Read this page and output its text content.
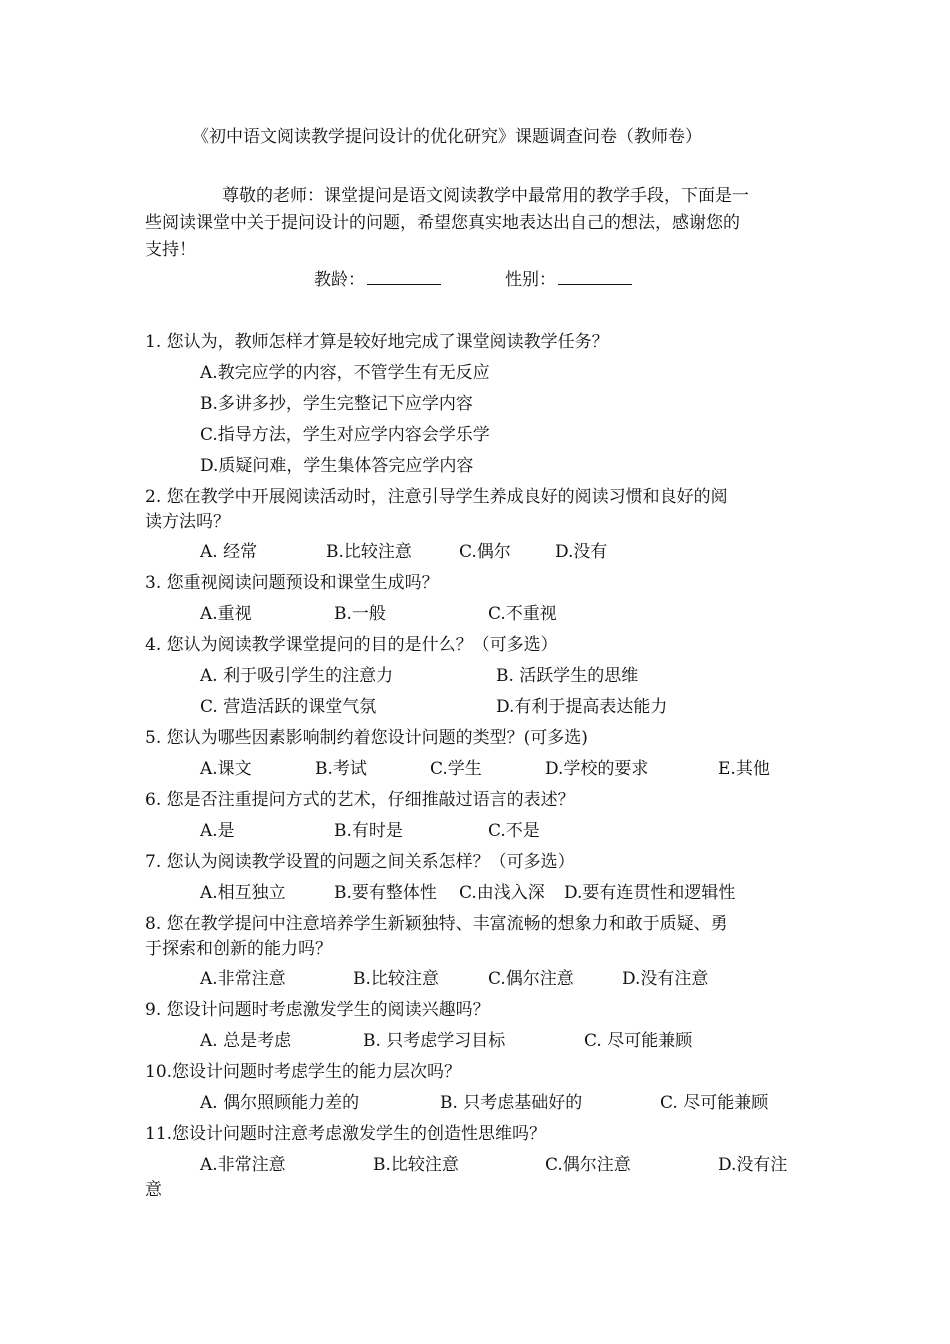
《初中语文阅读教学提问设计的优化研究》课题调查问卷（教师卷）
尊敬的老师：课堂提问是语文阅读教学中最常用的教学手段，下面是一
些阅读课堂中关于提问设计的问题，希望您真实地表达出自己的想法，感谢您的
支持！
教龄：	性别：
1. 您认为，教师怎样才算是较好地完成了课堂阅读教学任务？
A.教完应学的内容，不管学生有无反应
B.多讲多抄，学生完整记下应学内容
C.指导方法，学生对应学内容会学乐学
D.质疑问难，学生集体答完应学内容
2. 您在教学中开展阅读活动时，注意引导学生养成良好的阅读习惯和良好的阅
读方法吗？
A. 经常	B.比较注意	C.偶尔	D.没有
3. 您重视阅读问题预设和课堂生成吗？
A.重视	B.一般	C.不重视
4. 您认为阅读教学课堂提问的目的是什么？（可多选）
A. 利于吸引学生的注意力	B. 活跃学生的思维
C. 营造活跃的课堂气氛	D.有利于提高表达能力
5. 您认为哪些因素影响制约着您设计问题的类型？(可多选)
A.课文	B.考试	C.学生	D.学校的要求	E.其他
6. 您是否注重提问方式的艺术，仔细推敲过语言的表述？
A.是	B.有时是	C.不是
7. 您认为阅读教学设置的问题之间关系怎样？（可多选）
A.相互独立	B.要有整体性 C.由浅入深 D.要有连贯性和逻辑性
8. 您在教学提问中注意培养学生新颖独特、丰富流畅的想象力和敢于质疑、勇
于探索和创新的能力吗？
A.非常注意	B.比较注意	C.偶尔注意	D.没有注意
9. 您设计问题时考虑激发学生的阅读兴趣吗？
A. 总是考虑	B. 只考虑学习目标	C. 尽可能兼顾
10.您设计问题时考虑学生的能力层次吗？
A. 偶尔照顾能力差的	B. 只考虑基础好的	C. 尽可能兼顾
11.您设计问题时注意考虑激发学生的创造性思维吗？
A.非常注意	B.比较注意	C.偶尔注意	D.没有注
意
